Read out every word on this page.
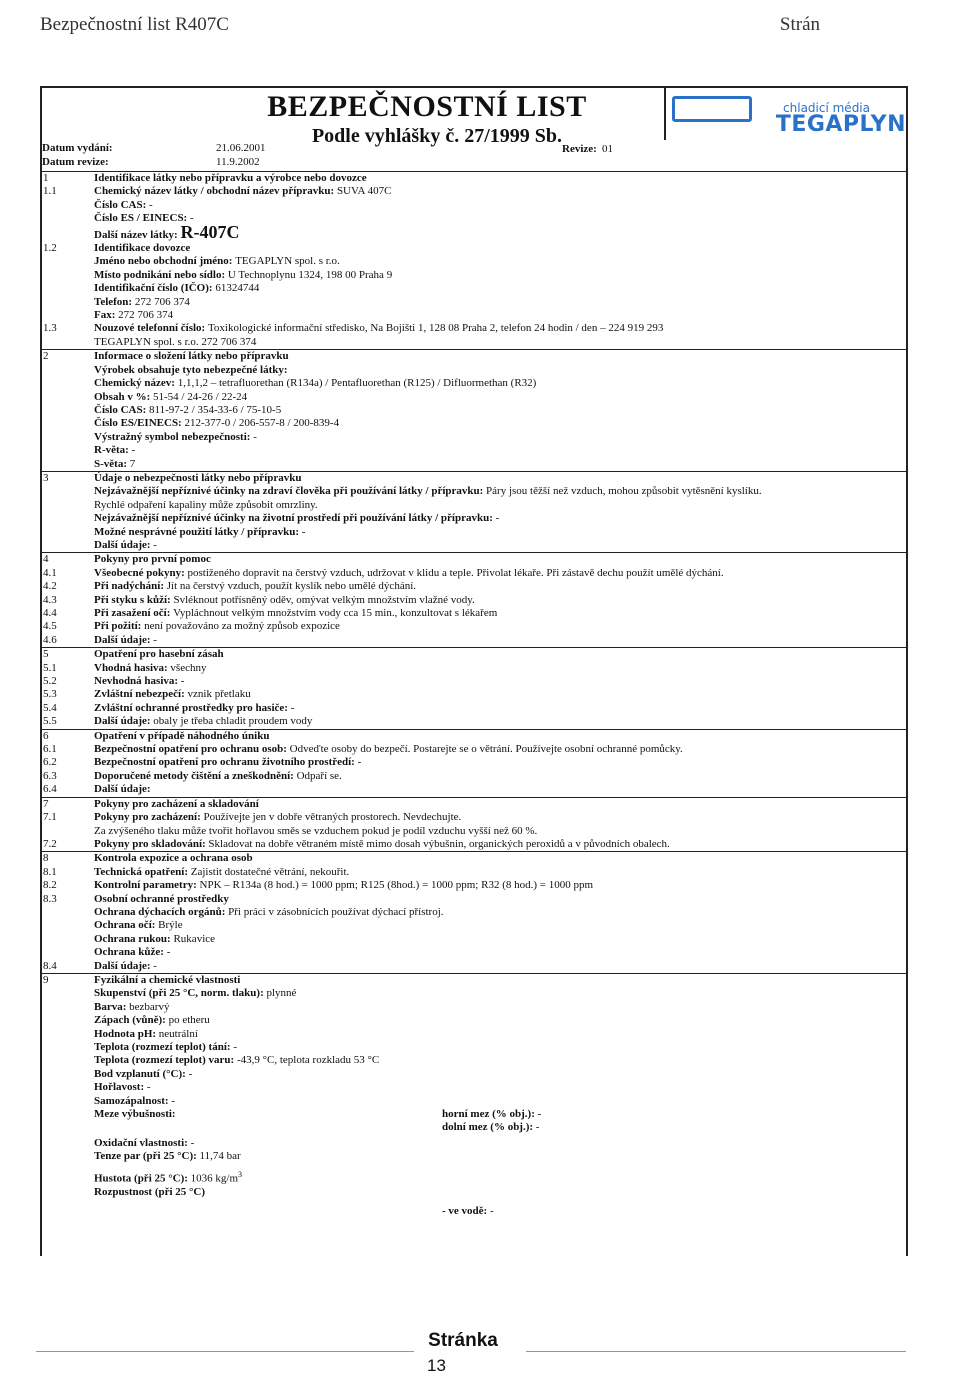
Bezpečnostní list R407C	Strán
BEZPEČNOSTNÍ LIST
Podle vyhlášky č. 27/1999 Sb.
chladicí média
TEGAPLYN
Datum vydání:	21.06.2001	Revize: 01
Datum revize:	11.9.2002
1	Identifikace látky nebo přípravku a výrobce nebo dovozce
1.1	Chemický název látky / obchodní název přípravku: SUVA 407C
Číslo CAS: -
Číslo ES / EINECS: -
Další název látky: R-407C
1.2	Identifikace dovozce
Jméno nebo obchodní jméno: TEGAPLYN spol. s r.o.
Místo podnikání nebo sídlo: U Technoplynu 1324, 198 00 Praha 9
Identifikační číslo (IČO): 61324744
Telefon: 272 706 374
Fax: 272 706 374
1.3	Nouzové telefonní číslo: Toxikologické informační středisko, Na Bojišti 1, 128 08 Praha 2, telefon 24 hodin / den – 224 919 293
TEGAPLYN spol. s r.o. 272 706 374
2	Informace o složení látky nebo přípravku
Výrobek obsahuje tyto nebezpečné látky:
Chemický název: 1,1,1,2 – tetrafluorethan (R134a) / Pentafluorethan (R125) / Difluormethan (R32)
Obsah v %: 51-54 / 24-26 / 22-24
Číslo CAS: 811-97-2 / 354-33-6 / 75-10-5
Číslo ES/EINECS: 212-377-0 / 206-557-8 / 200-839-4
Výstražný symbol nebezpečnosti: -
R-věta: -
S-věta: 7
3	Údaje o nebezpečnosti látky nebo přípravku
Nejzávažnější nepříznivé účinky na zdraví člověka při používání látky / přípravku: Páry jsou těžší než vzduch, mohou způsobit vytěsnění kyslíku.
Rychlé odpaření kapaliny může způsobit omrzliny.
Nejzávažnější nepříznivé účinky na životní prostředí při používání látky / přípravku: -
Možné nesprávné použití látky / přípravku: -
Další údaje: -
4	Pokyny pro první pomoc
4.1	Všeobecné pokyny: postiženého dopravit na čerstvý vzduch, udržovat v klidu a teple. Přivolat lékaře. Při zástavě dechu použít umělé dýchání.
4.2	Při nadýchání: Jít na čerstvý vzduch, použít kyslík nebo umělé dýchání.
4.3	Při styku s kůží: Svléknout potřísněný oděv, omývat velkým množstvím vlažné vody.
4.4	Při zasažení očí: Vypláchnout velkým množstvím vody cca 15 min., konzultovat s lékařem
4.5	Při požití: není považováno za možný způsob expozice
4.6	Další údaje: -
5	Opatření pro hasební zásah
5.1	Vhodná hasiva: všechny
5.2	Nevhodná hasiva: -
5.3	Zvláštní nebezpečí: vznik přetlaku
5.4	Zvláštní ochranné prostředky pro hasiče: -
5.5	Další údaje: obaly je třeba chladit proudem vody
6	Opatření v případě náhodného úniku
6.1	Bezpečnostní opatření pro ochranu osob: Odveďte osoby do bezpečí. Postarejte se o větrání. Používejte osobní ochranné pomůcky.
6.2	Bezpečnostní opatření pro ochranu životního prostředí: -
6.3	Doporučené metody čištění a zneškodnění: Odpaří se.
6.4	Další údaje:
7	Pokyny pro zacházení a skladování
7.1	Pokyny pro zacházení: Používejte jen v dobře větraných prostorech. Nevdechujte.
Za zvýšeného tlaku může tvořit hořlavou směs se vzduchem pokud je podíl vzduchu vyšší než 60 %.
7.2	Pokyny pro skladování: Skladovat na dobře větraném místě mimo dosah výbušnin, organických peroxidů a v původních obalech.
8	Kontrola expozice a ochrana osob
8.1	Technická opatření: Zajistit dostatečné větrání, nekouřit.
8.2	Kontrolní parametry: NPK – R134a (8 hod.) = 1000 ppm; R125 (8hod.) = 1000 ppm; R32 (8 hod.) = 1000 ppm
8.3	Osobní ochranné prostředky
Ochrana dýchacích orgánů: Při práci v zásobnících používat dýchací přístroj.
Ochrana očí: Brýle
Ochrana rukou: Rukavice
Ochrana kůže: -
8.4	Další údaje: -
9	Fyzikální a chemické vlastnosti
Skupenství (při 25 °C, norm. tlaku): plynné
Barva: bezbarvý
Zápach (vůně): po etheru
Hodnota pH: neutrální
Teplota (rozmezí teplot) tání: -
Teplota (rozmezí teplot) varu: -43,9 °C, teplota rozkladu 53 °C
Bod vzplanutí (°C): -
Hořlavost: -
Samozápalnost: -
Meze výbušnosti:	horní mez (% obj.): -
dolní mez (% obj.): -
Oxidační vlastnosti: -
Tenze par (při 25 °C): 11,74 bar
Hustota (při 25 °C): 1036 $kg/m^3$
Rozpustnost (při 25 °C)
- ve vodě: -
Stránka
13
